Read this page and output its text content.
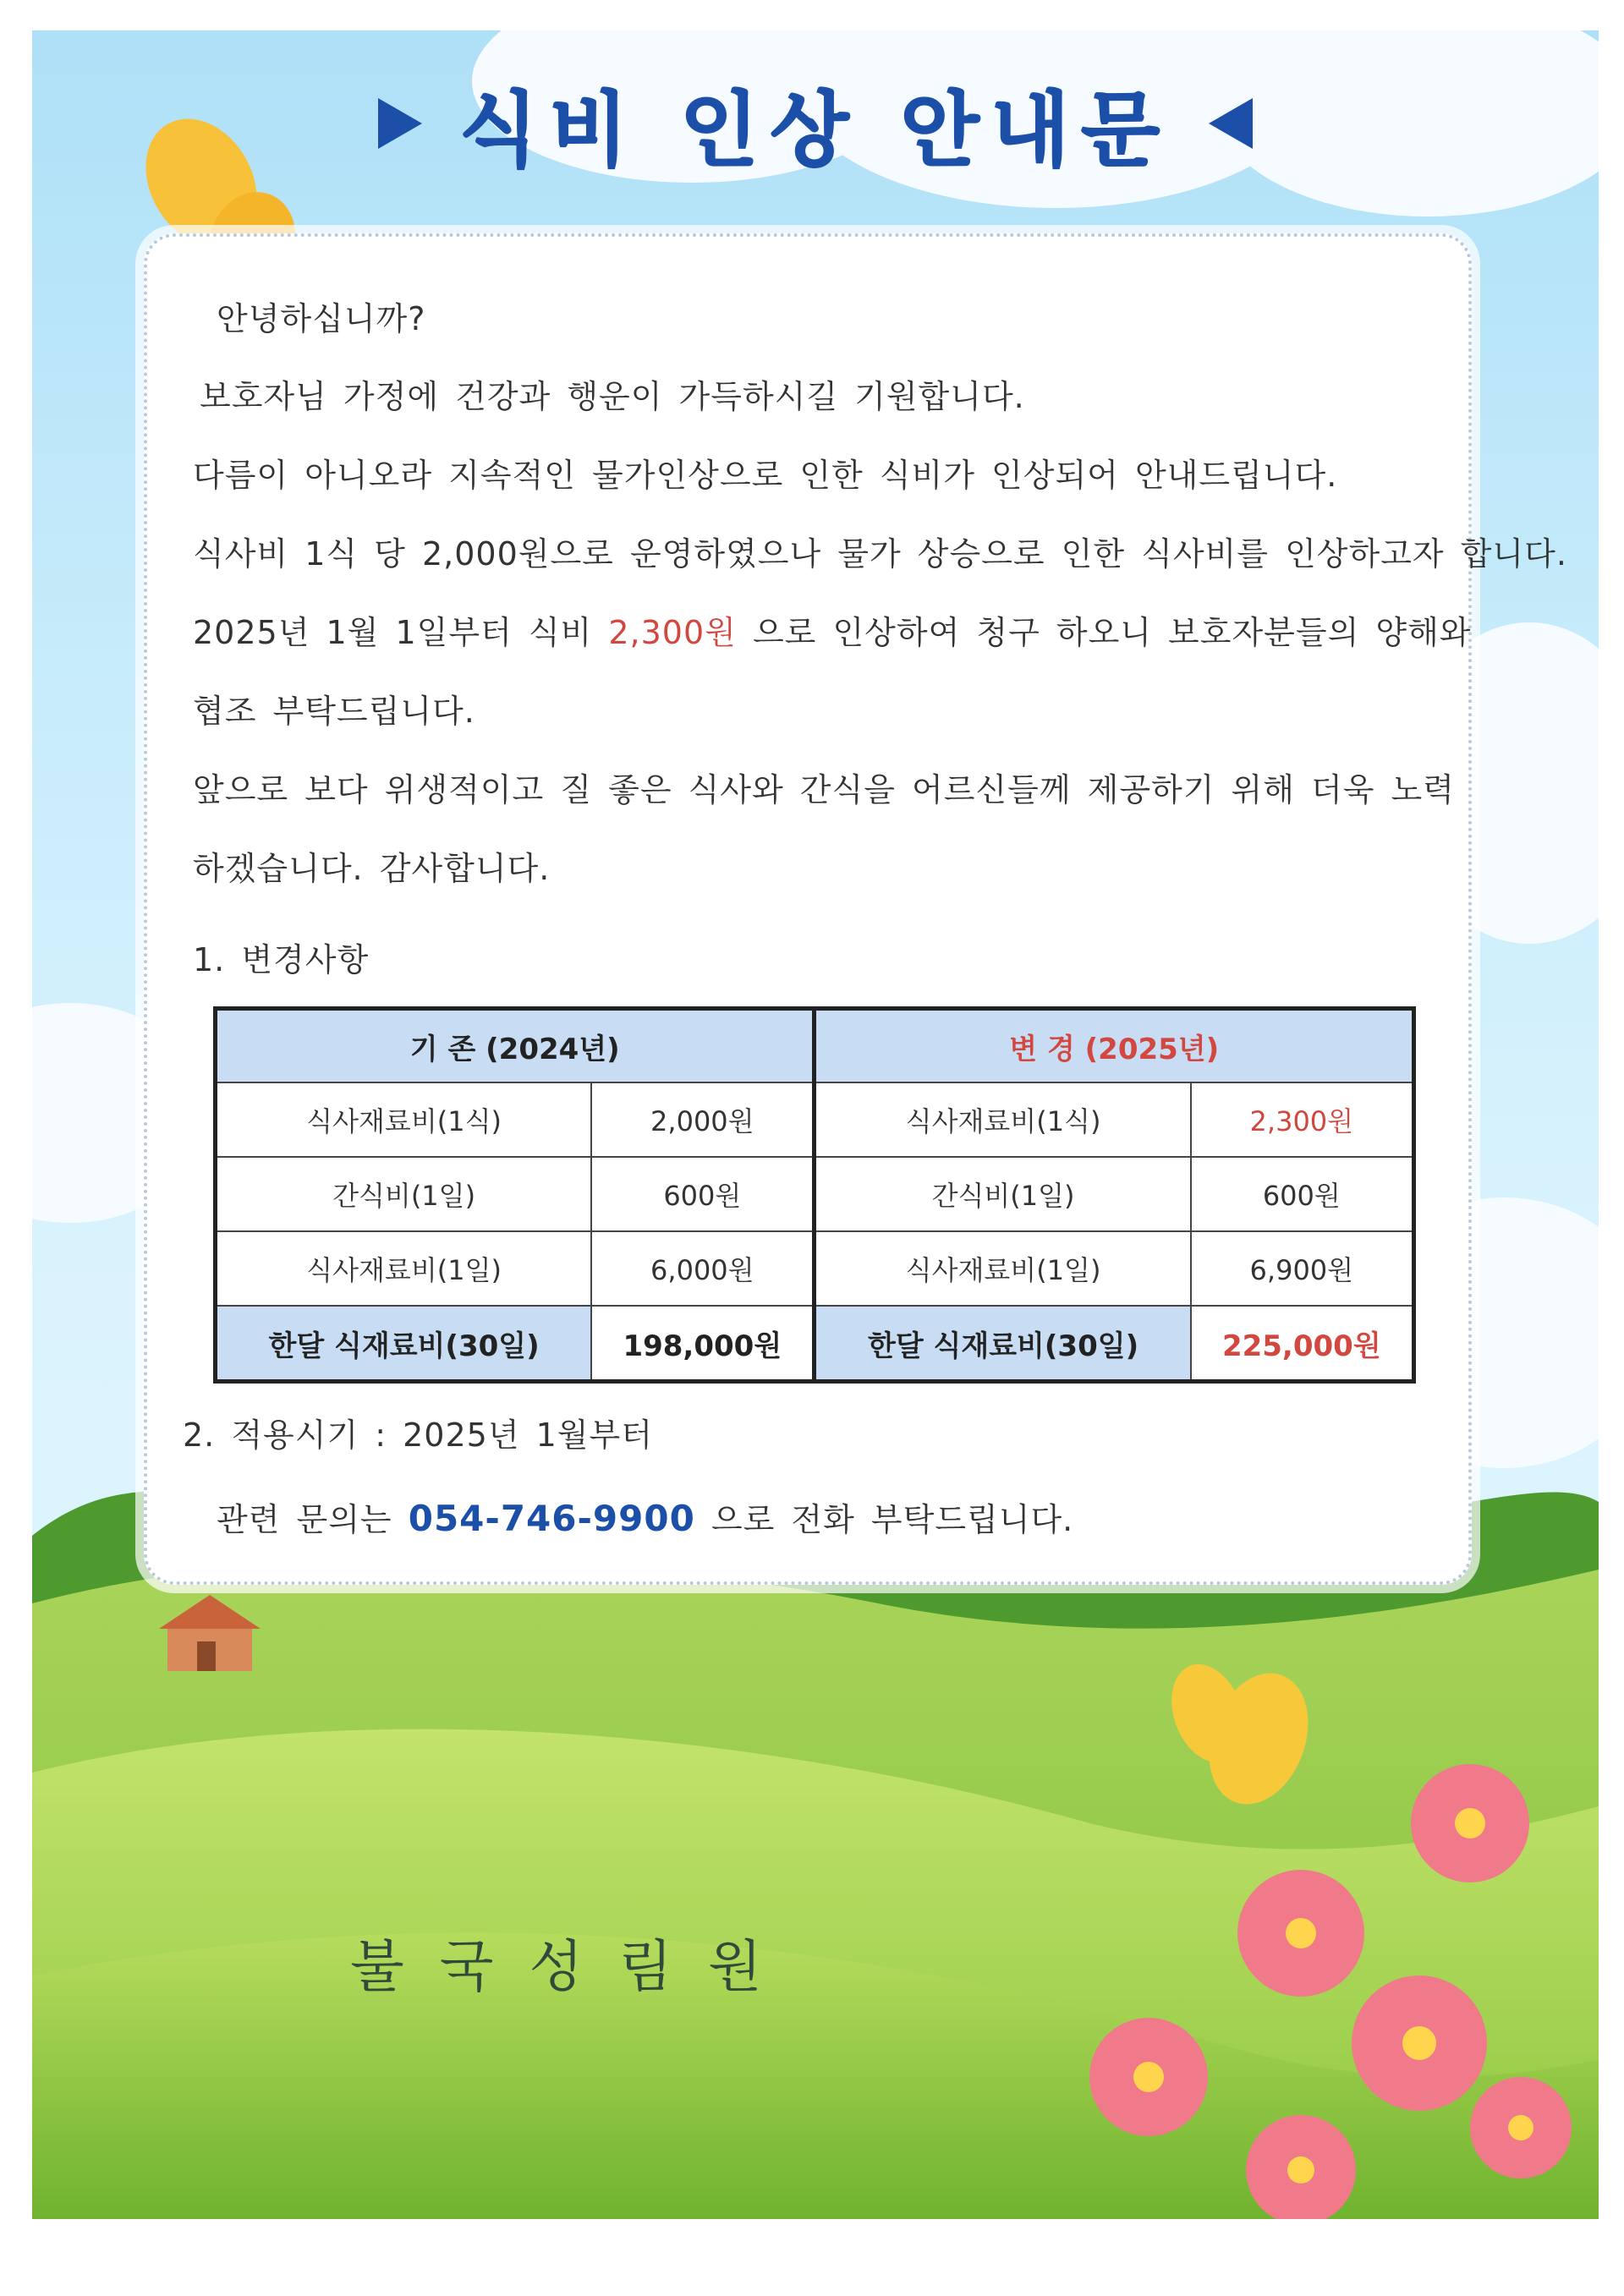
식비 인상 안내문
안녕하십니까?
보호자님 가정에 건강과 행운이 가득하시길 기원합니다.
다름이 아니오라 지속적인 물가인상으로 인한 식비가 인상되어 안내드립니다.
식사비 1식 당 2,000원으로 운영하였으나 물가 상승으로 인한 식사비를 인상하고자 합니다.
2025년 1월 1일부터 식비 2,300원 으로 인상하여 청구 하오니 보호자분들의 양해와
협조 부탁드립니다.
앞으로 보다 위생적이고 질 좋은 식사와 간식을 어르신들께 제공하기 위해 더욱 노력
하겠습니다. 감사합니다.
1. 변경사항
기 존 (2024년)		변 경 (2025년)	
식사재료비(1식)	2,000원	식사재료비(1식)	2,300원
간식비(1일)	600원	간식비(1일)	600원
식사재료비(1일)	6,000원	식사재료비(1일)	6,900원
한달 식재료비(30일)	198,000원	한달 식재료비(30일)	225,000원
2. 적용시기 : 2025년 1월부터
관련 문의는 054-746-9900 으로 전화 부탁드립니다.
불국성림원
